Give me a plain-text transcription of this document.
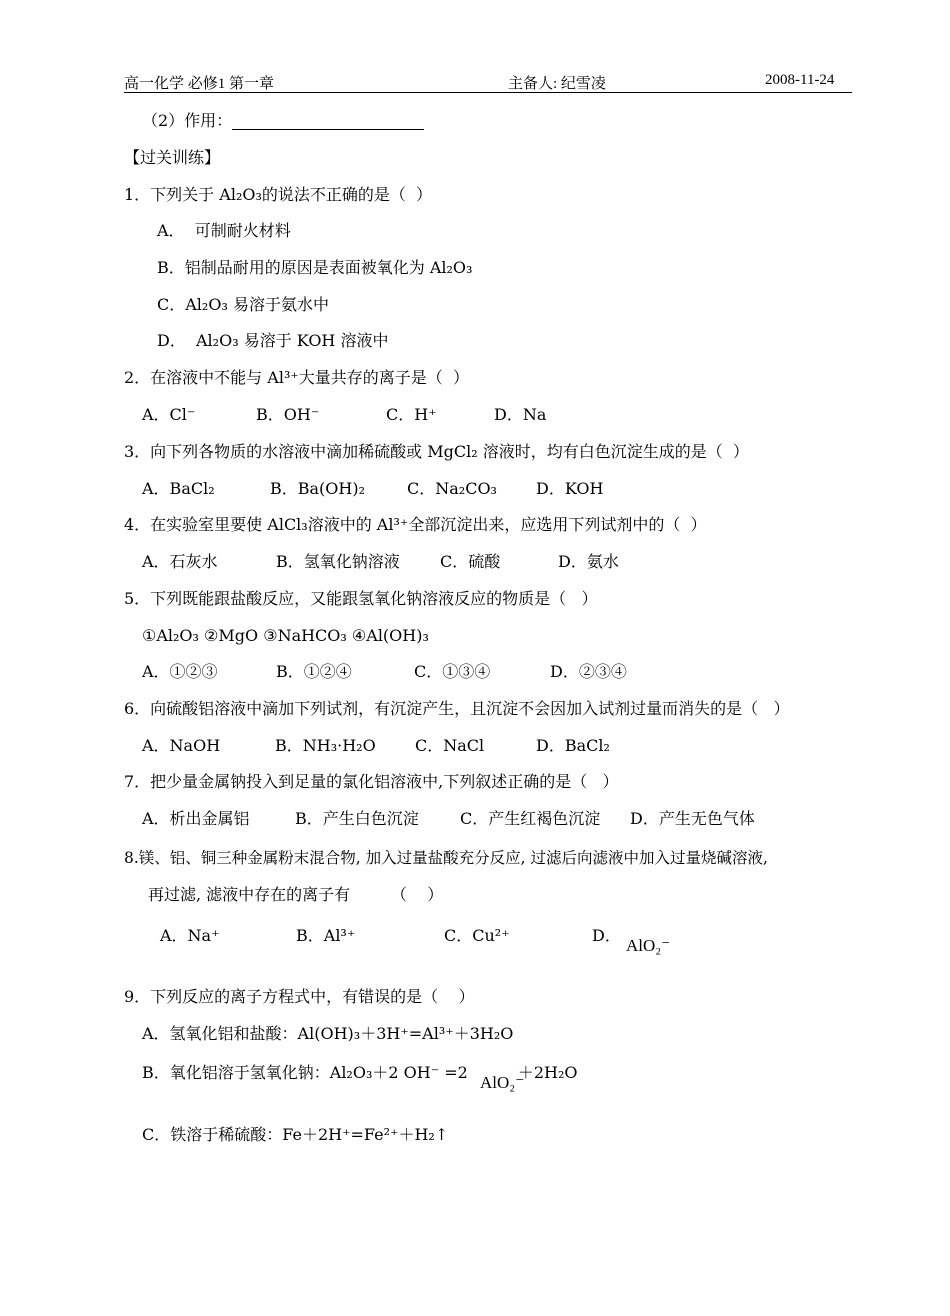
高一化学 必修1 第一章	主备人: 纪雪凌	2008-11-24
（2）作用：
【过关训练】
1．下列关于 Al₂O₃的说法不正确的是（  ）
A．  可制耐火材料
B．铝制品耐用的原因是表面被氧化为 Al₂O₃
C．Al₂O₃ 易溶于氨水中
D．  Al₂O₃ 易溶于 KOH 溶液中
2．在溶液中不能与 Al³⁺大量共存的离子是（  ）
A．Cl⁻	B．OH⁻	C．H⁺	D．Na
3．向下列各物质的水溶液中滴加稀硫酸或 MgCl₂ 溶液时，均有白色沉淀生成的是（  ）
A．BaCl₂	B．Ba(OH)₂	C．Na₂CO₃ D．KOH
4．在实验室里要使 AlCl₃溶液中的 Al³⁺全部沉淀出来，应选用下列试剂中的（  ）
A．石灰水	B．氢氧化钠溶液	C．硫酸	D．氨水
5．下列既能跟盐酸反应，又能跟氢氧化钠溶液反应的物质是（   ）
①Al₂O₃ ②MgO ③NaHCO₃ ④Al(OH)₃
A．①②③	B．①②④	C．①③④	D．②③④
6．向硫酸铝溶液中滴加下列试剂，有沉淀产生，且沉淀不会因加入试剂过量而消失的是（   ）
A．NaOH	B．NH₃·H₂O C．NaCl	D．BaCl₂
7．把少量金属钠投入到足量的氯化铝溶液中,下列叙述正确的是（   ）
A．析出金属铝	B．产生白色沉淀	C．产生红褐色沉淀 D．产生无色气体
8.镁、铝、铜三种金属粉末混合物, 加入过量盐酸充分反应, 过滤后向滤液中加入过量烧碱溶液,
再过滤, 滤液中存在的离子有        （    ）
A．Na⁺	B．Al³⁺	C．Cu²⁺	D．
AlO₂⁻
9．下列反应的离子方程式中，有错误的是（    ）
A．氢氧化铝和盐酸：Al(OH)₃＋3H⁺=Al³⁺＋3H₂O
B．氧化铝溶于氢氧化钠：Al₂O₃＋2 OH⁻ =2	＋2H₂O
AlO₂⁻
C．铁溶于稀硫酸：Fe＋2H⁺=Fe²⁺＋H₂↑
